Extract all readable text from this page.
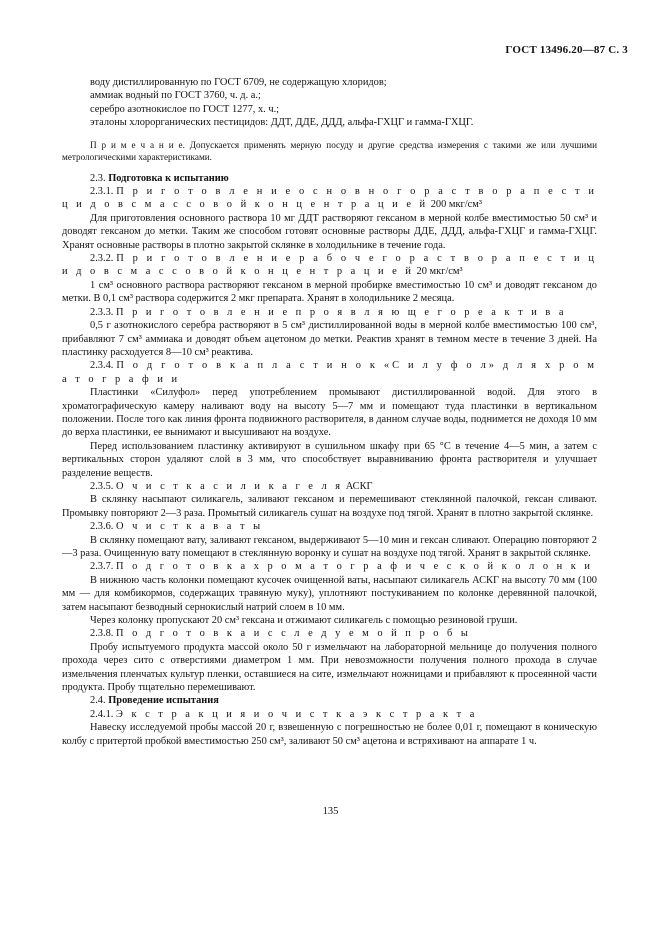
ГОСТ 13496.20—87 С. 3

воду дистиллированную по ГОСТ 6709, не содержащую хлоридов;

аммиак водный по ГОСТ 3760, ч. д. а.;

серебро азотнокислое по ГОСТ 1277, х. ч.;

эталоны хлорорганических пестицидов: ДДТ, ДДЕ, ДДД, альфа-ГХЦГ и гамма-ГХЦГ.

П р и м е ч а н и е. Допускается применять мерную посуду и другие средства измерения с такими же или лучшими метрологическими характеристиками.

2.3. Подготовка к испытанию

2.3.1. П р и г о т о в л е н и е о с н о в н о г о р а с т в о р а п е с т и ц и д о в с м а с с о в о й к о н ц е н т р а ц и е й 200 мкг/см³

Для приготовления основного раствора 10 мг ДДТ растворяют гексаном в мерной колбе вместимостью 50 см³ и доводят гексаном до метки. Таким же способом готовят основные растворы ДДЕ, ДДД, альфа-ГХЦГ и гамма-ГХЦГ. Хранят основные растворы в плотно закрытой склянке в холодильнике в течение года.

2.3.2. П р и г о т о в л е н и е р а б о ч е г о р а с т в о р а п е с т и ц и д о в с м а с с о в о й к о н ц е н т р а ц и е й 20 мкг/см³

1 см³ основного раствора растворяют гексаном в мерной пробирке вместимостью 10 см³ и доводят гексаном до метки. В 0,1 см³ раствора содержится 2 мкг препарата. Хранят в холодильнике 2 месяца.

2.3.3. П р и г о т о в л е н и е п р о я в л я ю щ е г о р е а к т и в а

0,5 г азотнокислого серебра растворяют в 5 см³ дистиллированной воды в мерной колбе вместимостью 100 см³, прибавляют 7 см³ аммиака и доводят объем ацетоном до метки. Реактив хранят в темном месте в течение 3 дней. На пластинку расходуется 8—10 см³ реактива.

2.3.4. П о д г о т о в к а п л а с т и н о к «С и л у ф о л» д л я х р о м а т о г р а ф и и

Пластинки «Силуфол» перед употреблением промывают дистиллированной водой. Для этого в хроматографическую камеру наливают воду на высоту 5—7 мм и помещают туда пластинки в вертикальном положении. После того как линия фронта подвижного растворителя, в данном случае воды, поднимется не доходя 10 мм до верха пластинки, ее вынимают и высушивают на воздухе.

Перед использованием пластинку активируют в сушильном шкафу при 65 °С в течение 4—5 мин, а затем с вертикальных сторон удаляют слой в 3 мм, что способствует выравниванию фронта растворителя и улучшает разделение веществ.

2.3.5. О ч и с т к а с и л и к а г е л я АСКГ

В склянку насыпают силикагель, заливают гексаном и перемешивают стеклянной палочкой, гексан сливают. Промывку повторяют 2—3 раза. Промытый силикагель сушат на воздухе под тягой. Хранят в плотно закрытой склянке.

2.3.6. О ч и с т к а в а т ы

В склянку помещают вату, заливают гексаном, выдерживают 5—10 мин и гексан сливают. Операцию повторяют 2—3 раза. Очищенную вату помещают в стеклянную воронку и сушат на воздухе под тягой. Хранят в закрытой склянке.

2.3.7. П о д г о т о в к а х р о м а т о г р а ф и ч е с к о й к о л о н к и

В нижнюю часть колонки помещают кусочек очищенной ваты, насыпают силикагель АСКГ на высоту 70 мм (100 мм — для комбикормов, содержащих травяную муку), уплотняют постукиванием по колонке деревянной палочкой, затем насыпают безводный сернокислый натрий слоем в 10 мм.

Через колонку пропускают 20 см³ гексана и отжимают силикагель с помощью резиновой груши.

2.3.8. П о д г о т о в к а и с с л е д у е м о й п р о б ы

Пробу испытуемого продукта массой около 50 г измельчают на лабораторной мельнице до получения полного прохода через сито с отверстиями диаметром 1 мм. При невозможности получения полного прохода в случае измельчения пленчатых культур пленки, оставшиеся на сите, измельчают ножницами и прибавляют к просеянной части продукта. Пробу тщательно перемешивают.

2.4. Проведение испытания

2.4.1. Э к с т р а к ц и я и о ч и с т к а э к с т р а к т а

Навеску исследуемой пробы массой 20 г, взвешенную с погрешностью не более 0,01 г, помещают в коническую колбу с притертой пробкой вместимостью 250 см³, заливают 50 см³ ацетона и встряхивают на аппарате 1 ч.

135
